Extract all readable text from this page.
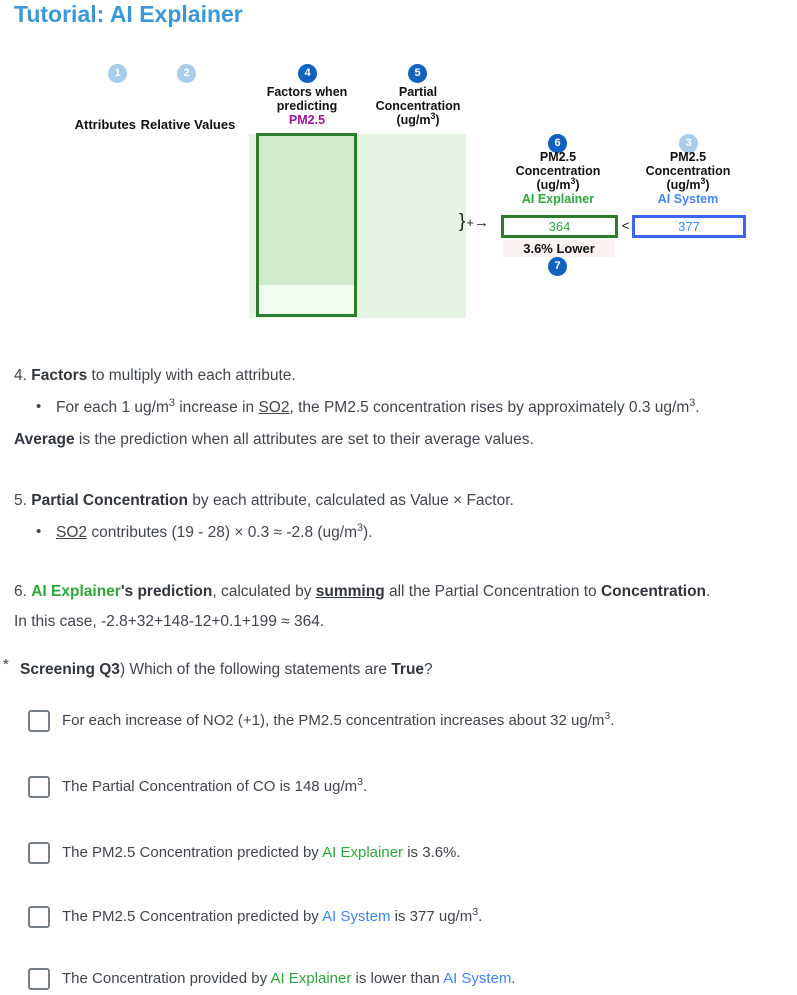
Tutorial: AI Explainer
1	2	4	5
6	3
7
Attributes Relative Values
Factors when
predicting
PM2.5
Partial
Concentration
$(ug/m^3)$
} + →
PM2.5
Concentration
$(ug/m^3)$
AI Explainer
364	<
3.6% Lower
PM2.5
Concentration
$(ug/m^3)$
AI System
377
4. Factors to multiply with each attribute.
• For each 1 $ug/m^3$ increase in SO2, the PM2.5 concentration rises by approximately 0.3 $ug/m^3$.
Average is the prediction when all attributes are set to their average values.
5. Partial Concentration by each attribute, calculated as Value × Factor.
• SO2 contributes (19 - 28) × 0.3 ≈ -2.8 $(ug/m^3)$.
6. AI Explainer's prediction, calculated by summing all the Partial Concentration to Concentration.
In this case, -2.8+32+148-12+0.1+199 ≈ 364.
* Screening Q3) Which of the following statements are True?
For each increase of NO2 (+1), the PM2.5 concentration increases about 32 $ug/m^3$.
The Partial Concentration of CO is 148 $ug/m^3$.
The PM2.5 Concentration predicted by AI Explainer is 3.6%.
The PM2.5 Concentration predicted by AI System is 377 $ug/m^3$.
The Concentration provided by AI Explainer is lower than AI System.
